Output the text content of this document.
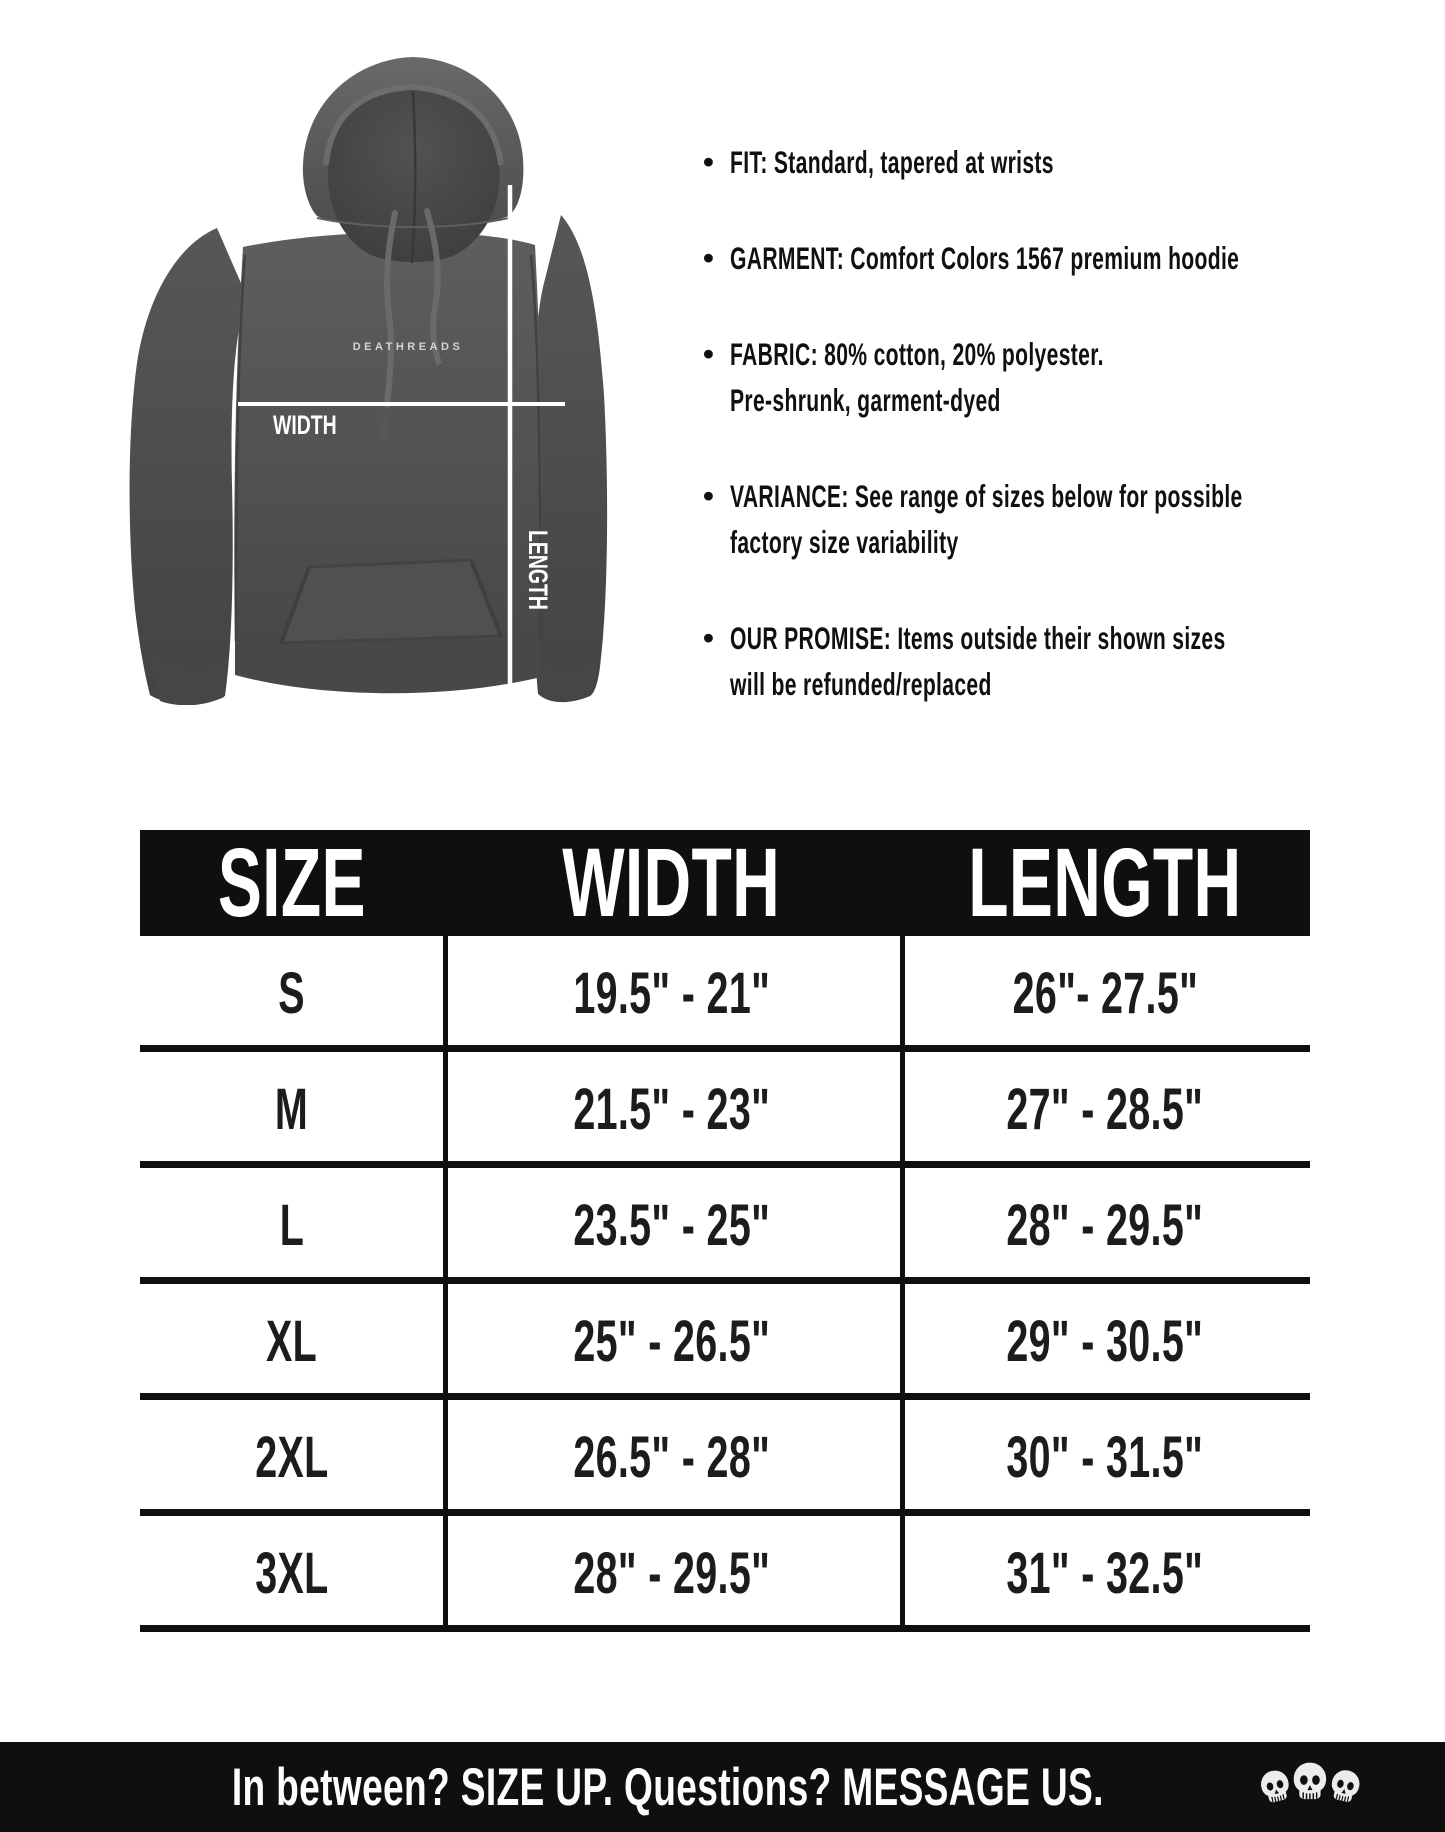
DEATHREADS
WIDTH
LENGTH
• FIT: Standard, tapered at wrists
• GARMENT: Comfort Colors 1567 premium hoodie
• FABRIC: 80% cotton, 20% polyester.
Pre-shrunk, garment-dyed
• VARIANCE: See range of sizes below for possible
factory size variability
• OUR PROMISE: Items outside their shown sizes
will be refunded/replaced
SIZE	WIDTH	LENGTH
S	19.5" - 21"	26"- 27.5"
M	21.5" - 23"	27" - 28.5"
L	23.5" - 25"	28" - 29.5"
XL	25" - 26.5"	29" - 30.5"
2XL	26.5" - 28"	30" - 31.5"
3XL	28" - 29.5"	31" - 32.5"
In between? SIZE UP. Questions? MESSAGE US.
